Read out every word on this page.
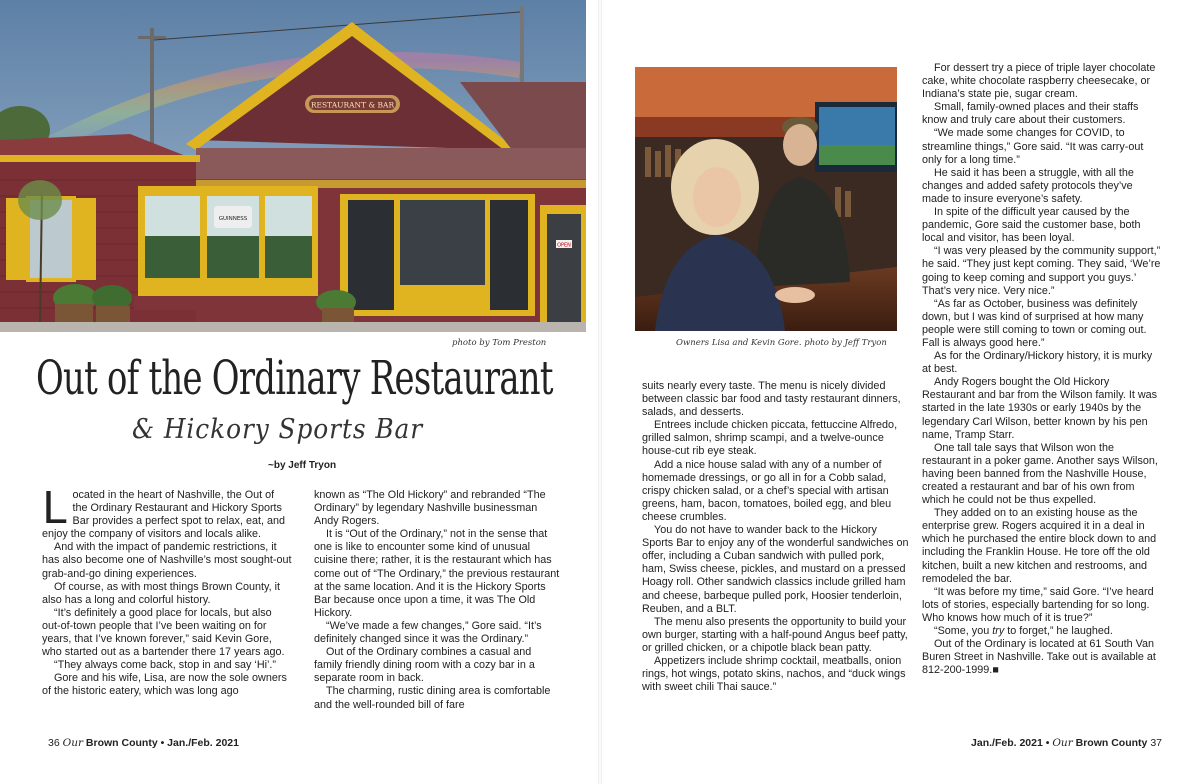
RESTAURANT & BAR
GUINNESS
OPEN
photo by Tom Preston
Out of the Ordinary Restaurant
& Hickory Sports Bar
~by Jeff Tryon

Located in the heart of Nashville, the Out of the Ordinary Restaurant and Hickory Sports Bar provides a perfect spot to relax, eat, and enjoy the company of visitors and locals alike.

And with the impact of pandemic restrictions, it has also become one of Nashville’s most sought-out grab-and-go dining experiences.

Of course, as with most things Brown County, it also has a long and colorful history.

“It’s definitely a good place for locals, but also out-of-town people that I’ve been waiting on for years, that I’ve known forever,” said Kevin Gore, who started out as a bartender there 17 years ago.

“They always come back, stop in and say ‘Hi’.”

Gore and his wife, Lisa, are now the sole owners of the historic eatery, which was long ago

known as “The Old Hickory” and rebranded “The Ordinary” by legendary Nashville businessman Andy Rogers.

It is “Out of the Ordinary,” not in the sense that one is like to encounter some kind of unusual cuisine there; rather, it is the restaurant which has come out of “The Ordinary,” the previous restaurant at the same location. And it is the Hickory Sports Bar because once upon a time, it was The Old Hickory.

“We’ve made a few changes,” Gore said. “It’s definitely changed since it was the Ordinary.”

Out of the Ordinary combines a casual and family friendly dining room with a cozy bar in a separate room in back.

The charming, rustic dining area is comfortable and the well-rounded bill of fare

36 Our Brown County • Jan./Feb. 2021
Owners Lisa and Kevin Gore. photo by Jeff Tryon

suits nearly every taste. The menu is nicely divided between classic bar food and tasty restaurant dinners, salads, and desserts.

Entrees include chicken piccata, fettuccine Alfredo, grilled salmon, shrimp scampi, and a twelve-ounce house-cut rib eye steak.

Add a nice house salad with any of a number of homemade dressings, or go all in for a Cobb salad, crispy chicken salad, or a chef’s special with artisan greens, ham, bacon, tomatoes, boiled egg, and bleu cheese crumbles.

You do not have to wander back to the Hickory Sports Bar to enjoy any of the wonderful sandwiches on offer, including a Cuban sandwich with pulled pork, ham, Swiss cheese, pickles, and mustard on a pressed Hoagy roll. Other sandwich classics include grilled ham and cheese, barbeque pulled pork, Hoosier tenderloin, Reuben, and a BLT.

The menu also presents the opportunity to build your own burger, starting with a half-pound Angus beef patty, or grilled chicken, or a chipotle black bean patty.

Appetizers include shrimp cocktail, meatballs, onion rings, hot wings, potato skins, nachos, and “duck wings with sweet chili Thai sauce.”

For dessert try a piece of triple layer chocolate cake, white chocolate raspberry cheesecake, or Indiana’s state pie, sugar cream.

Small, family-owned places and their staffs know and truly care about their customers.

“We made some changes for COVID, to streamline things,” Gore said. “It was carry-out only for a long time.”

He said it has been a struggle, with all the changes and added safety protocols they’ve made to insure everyone’s safety.

In spite of the difficult year caused by the pandemic, Gore said the customer base, both local and visitor, has been loyal.

“I was very pleased by the community support,” he said. “They just kept coming. They said, ‘We’re going to keep coming and support you guys.’ That’s very nice. Very nice.”

“As far as October, business was definitely down, but I was kind of surprised at how many people were still coming to town or coming out. Fall is always good here.”

As for the Ordinary/Hickory history, it is murky at best.

Andy Rogers bought the Old Hickory Restaurant and bar from the Wilson family. It was started in the late 1930s or early 1940s by the legendary Carl Wilson, better known by his pen name, Tramp Starr.

One tall tale says that Wilson won the restaurant in a poker game. Another says Wilson, having been banned from the Nashville House, created a restaurant and bar of his own from which he could not be thus expelled.

They added on to an existing house as the enterprise grew. Rogers acquired it in a deal in which he purchased the entire block down to and including the Franklin House. He tore off the old kitchen, built a new kitchen and restrooms, and remodeled the bar.

“It was before my time,” said Gore. “I’ve heard lots of stories, especially bartending for so long. Who knows how much of it is true?”

“Some, you try to forget,” he laughed.

Out of the Ordinary is located at 61 South Van Buren Street in Nashville. Take out is available at 812-200-1999.■

Jan./Feb. 2021 • Our Brown County 37
